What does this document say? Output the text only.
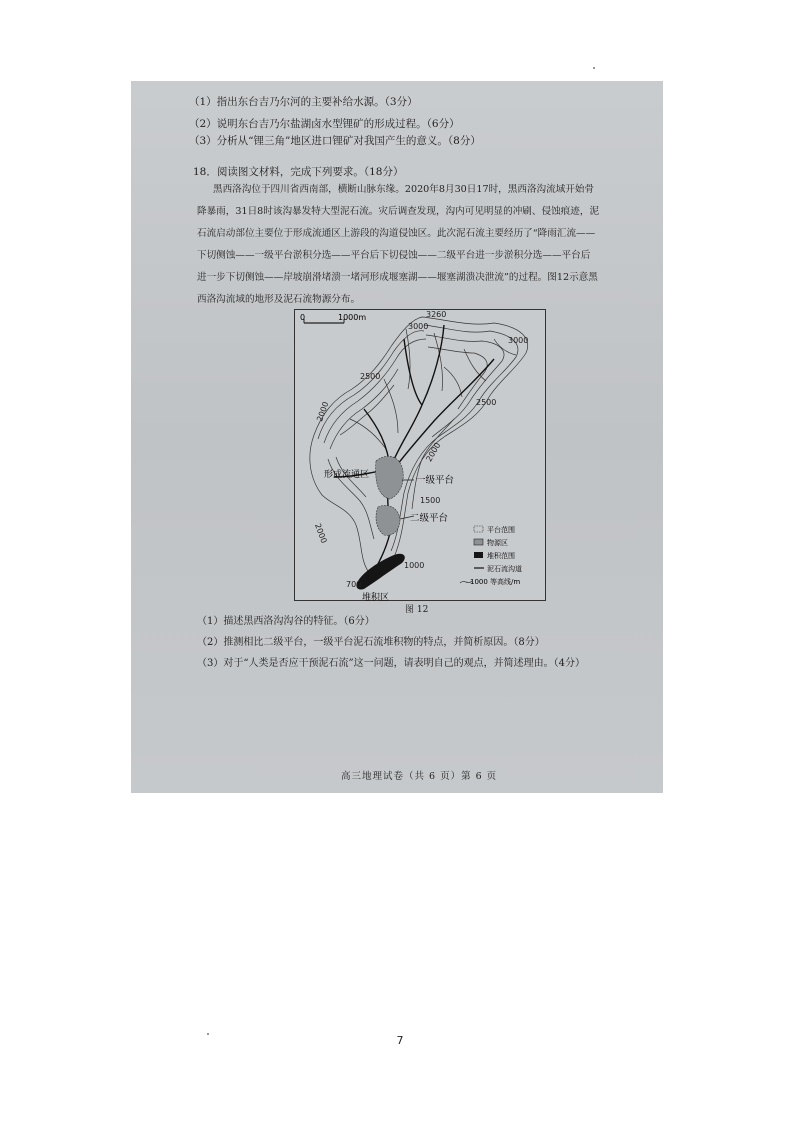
（1）指出东台吉乃尔河的主要补给水源。（3分）
（2）说明东台吉乃尔盐湖卤水型锂矿的形成过程。（6分）
（3）分析从“锂三角”地区进口锂矿对我国产生的意义。（8分）
18．阅读图文材料，完成下列要求。（18分）
黑西洛沟位于四川省西南部，横断山脉东缘。2020年8月30日17时，黑西洛沟流域开始骨
降暴雨，31日8时该沟暴发特大型泥石流。灾后调查发现，沟内可见明显的冲刷、侵蚀痕迹，泥
石流启动部位主要位于形成流通区上游段的沟道侵蚀区。此次泥石流主要经历了“降雨汇流——
下切侧蚀——一级平台淤积分选——平台后下切侵蚀——二级平台进一步淤积分选——平台后
进一步下切侧蚀——岸坡崩滑堵溃一堵河形成堰塞湖——堰塞湖溃决泄流”的过程。图12示意黑
西洛沟流域的地形及泥石流物源分布。
0	1000m	3260
3000
3000
2500
2500
2000
2000
2000
1500
1000
700
形成流通区	一级平台
二级平台
堆积区
平台范围
物源区
堆积范围
泥石流沟道
1000 等高线/m
图 12
（1）描述黑西洛沟沟谷的特征。（6分）
（2）推测相比二级平台，一级平台泥石流堆积物的特点，并简析原因。（8分）
（3）对于“人类是否应干预泥石流”这一问题，请表明自己的观点，并简述理由。（4分）
高三地理试卷（共 6 页）第 6 页
7
